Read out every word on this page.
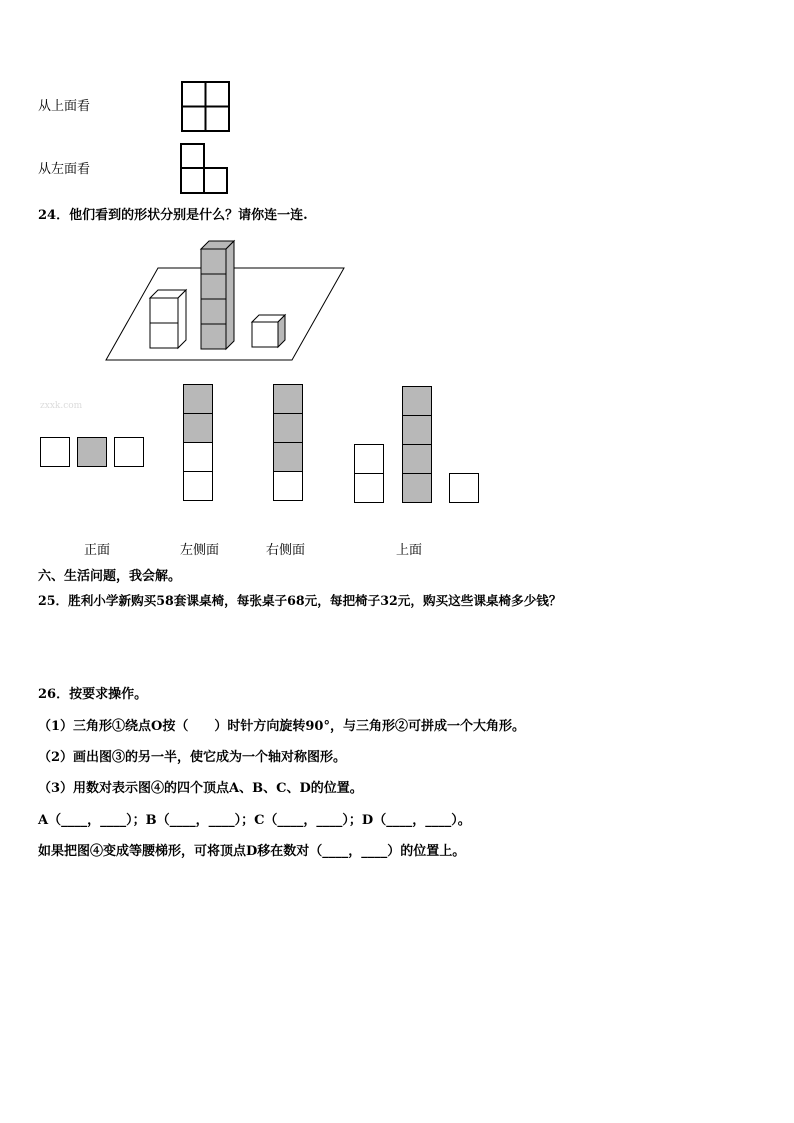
从上面看
从左面看
24．他们看到的形状分别是什么？请你连一连.
zxxk.com
正面	左侧面	右侧面	上面
六、生活问题，我会解。
25．胜利小学新购买58套课桌椅，每张桌子68元，每把椅子32元，购买这些课桌椅多少钱？
26．按要求操作。
（1）三角形①绕点O按（　　）时针方向旋转90°，与三角形②可拼成一个大角形。
（2）画出图③的另一半，使它成为一个轴对称图形。
（3）用数对表示图④的四个顶点A、B、C、D的位置。
A（____，____）；B（____，____）；C（____，____）；D（____，____）。
如果把图④变成等腰梯形，可将顶点D移在数对（____，____）的位置上。
